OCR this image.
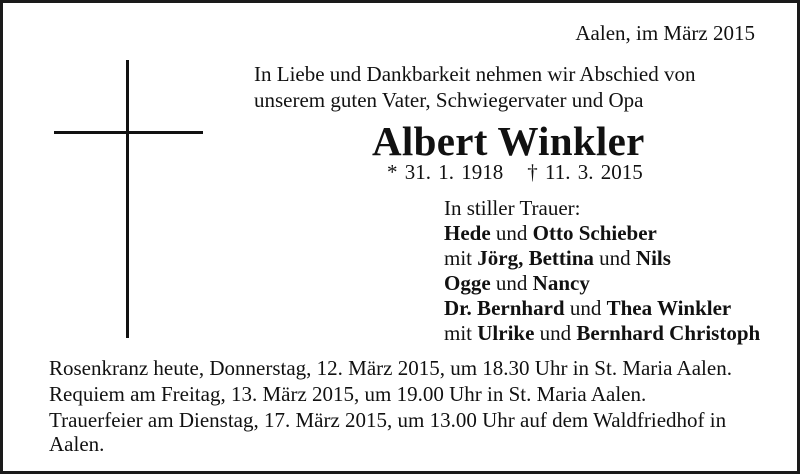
Aalen, im März 2015
In Liebe und Dankbarkeit nehmen wir Abschied von
unserem guten Vater, Schwiegervater und Opa
Albert Winkler
* 31. 1. 1918 † 11. 3. 2015
In stiller Trauer:
Hede und Otto Schieber
mit Jörg, Bettina und Nils
Ogge und Nancy
Dr. Bernhard und Thea Winkler
mit Ulrike und Bernhard Christoph
Rosenkranz heute, Donnerstag, 12. März 2015, um 18.30 Uhr in St. Maria Aalen.
Requiem am Freitag, 13. März 2015, um 19.00 Uhr in St. Maria Aalen.
Trauerfeier am Dienstag, 17. März 2015, um 13.00 Uhr auf dem Waldfriedhof in Aalen.
